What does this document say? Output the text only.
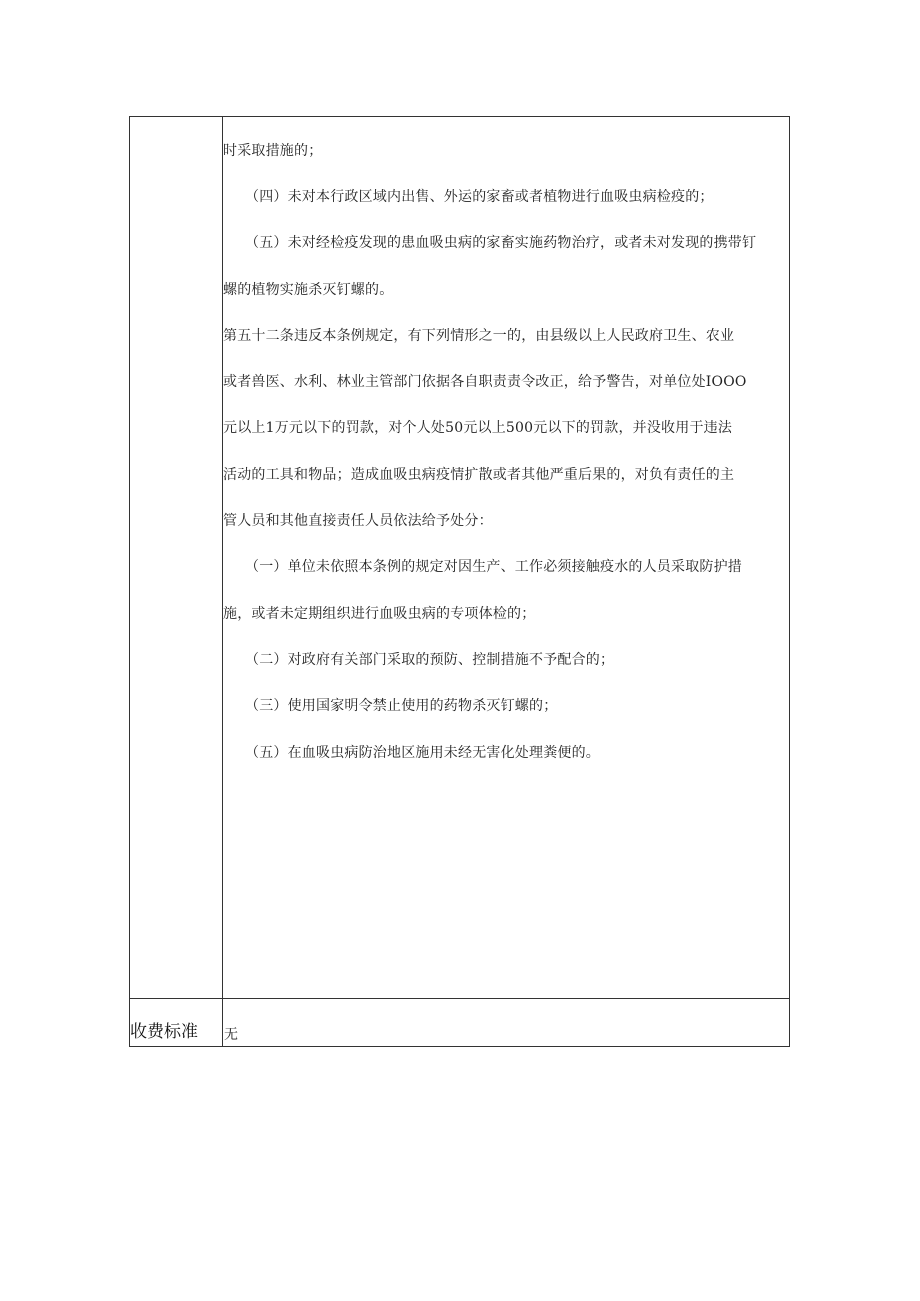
时采取措施的；
（四）未对本行政区域内出售、外运的家畜或者植物进行血吸虫病检疫的；
（五）未对经检疫发现的患血吸虫病的家畜实施药物治疗，或者未对发现的携带钉
螺的植物实施杀灭钉螺的。
第五十二条违反本条例规定，有下列情形之一的，由县级以上人民政府卫生、农业
或者兽医、水利、林业主管部门依据各自职责责令改正，给予警告，对单位处IOOO
元以上1万元以下的罚款，对个人处50元以上500元以下的罚款，并没收用于违法
活动的工具和物品；造成血吸虫病疫情扩散或者其他严重后果的，对负有责任的主
管人员和其他直接责任人员依法给予处分：
（一）单位未依照本条例的规定对因生产、工作必须接触疫水的人员采取防护措
施，或者未定期组织进行血吸虫病的专项体检的；
（二）对政府有关部门采取的预防、控制措施不予配合的；
（三）使用国家明令禁止使用的药物杀灭钉螺的；
（五）在血吸虫病防治地区施用未经无害化处理粪便的。
收费标准 无
